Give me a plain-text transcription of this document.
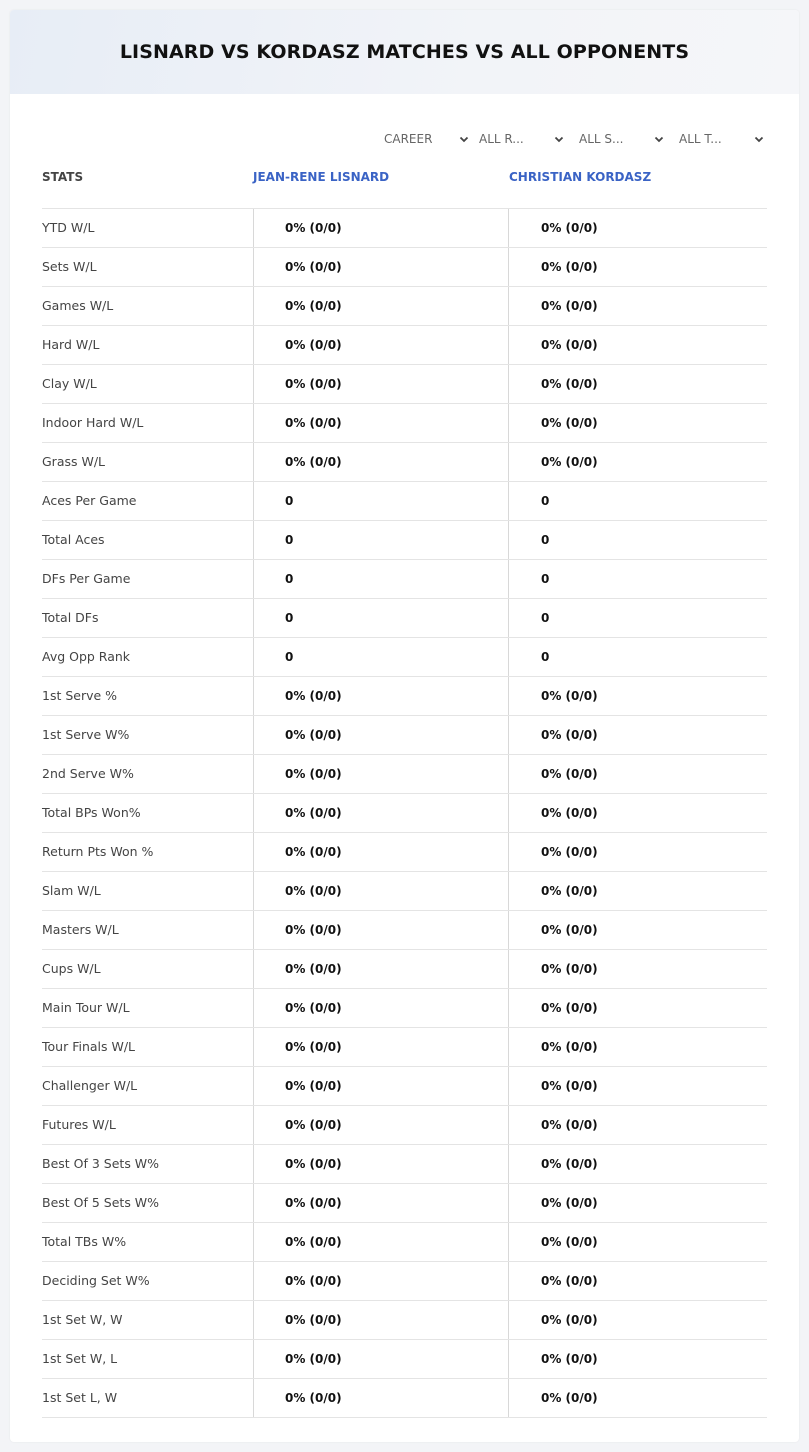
LISNARD VS KORDASZ MATCHES VS ALL OPPONENTS
CAREER	ALL R...	ALL S...	ALL T...
STATS	JEAN-RENE LISNARD	CHRISTIAN KORDASZ
YTD W/L	0% (0/0)	0% (0/0)
Sets W/L	0% (0/0)	0% (0/0)
Games W/L	0% (0/0)	0% (0/0)
Hard W/L	0% (0/0)	0% (0/0)
Clay W/L	0% (0/0)	0% (0/0)
Indoor Hard W/L	0% (0/0)	0% (0/0)
Grass W/L	0% (0/0)	0% (0/0)
Aces Per Game	0	0
Total Aces	0	0
DFs Per Game	0	0
Total DFs	0	0
Avg Opp Rank	0	0
1st Serve %	0% (0/0)	0% (0/0)
1st Serve W%	0% (0/0)	0% (0/0)
2nd Serve W%	0% (0/0)	0% (0/0)
Total BPs Won%	0% (0/0)	0% (0/0)
Return Pts Won %	0% (0/0)	0% (0/0)
Slam W/L	0% (0/0)	0% (0/0)
Masters W/L	0% (0/0)	0% (0/0)
Cups W/L	0% (0/0)	0% (0/0)
Main Tour W/L	0% (0/0)	0% (0/0)
Tour Finals W/L	0% (0/0)	0% (0/0)
Challenger W/L	0% (0/0)	0% (0/0)
Futures W/L	0% (0/0)	0% (0/0)
Best Of 3 Sets W%	0% (0/0)	0% (0/0)
Best Of 5 Sets W%	0% (0/0)	0% (0/0)
Total TBs W%	0% (0/0)	0% (0/0)
Deciding Set W%	0% (0/0)	0% (0/0)
1st Set W, W	0% (0/0)	0% (0/0)
1st Set W, L	0% (0/0)	0% (0/0)
1st Set L, W	0% (0/0)	0% (0/0)
